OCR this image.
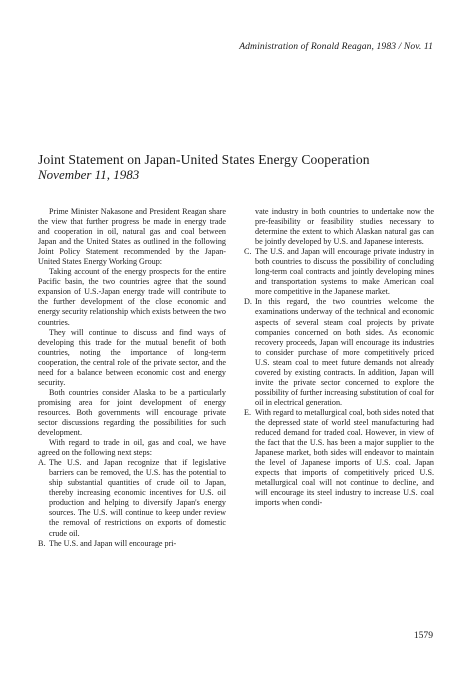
Administration of Ronald Reagan, 1983 / Nov. 11
Joint Statement on Japan-United States Energy Cooperation

November 11, 1983

Prime Minister Nakasone and President Reagan share the view that further progress be made in energy trade and cooperation in oil, natural gas and coal between Japan and the United States as outlined in the following Joint Policy Statement recommended by the Japan-United States Energy Working Group:

Taking account of the energy prospects for the entire Pacific basin, the two countries agree that the sound expansion of U.S.-Japan energy trade will contribute to the further development of the close economic and energy security relationship which exists between the two countries.

They will continue to discuss and find ways of developing this trade for the mutual benefit of both countries, noting the importance of long-term cooperation, the central role of the private sector, and the need for a balance between economic cost and energy security.

Both countries consider Alaska to be a particularly promising area for joint development of energy resources. Both governments will encourage private sector discussions regarding the possibilities for such development.

With regard to trade in oil, gas and coal, we have agreed on the following next steps:

A. The U.S. and Japan recognize that if legislative barriers can be removed, the U.S. has the potential to ship substantial quantities of crude oil to Japan, thereby increasing economic incentives for U.S. oil production and helping to diversify Japan's energy sources. The U.S. will continue to keep under review the removal of restrictions on exports of domestic crude oil.
B. The U.S. and Japan will encourage pri-

vate industry in both countries to undertake now the pre-feasibility or feasibility studies necessary to determine the extent to which Alaskan natural gas can be jointly developed by U.S. and Japanese interests.

C. The U.S. and Japan will encourage private industry in both countries to discuss the possibility of concluding long-term coal contracts and jointly developing mines and transportation systems to make American coal more competitive in the Japanese market.
D. In this regard, the two countries welcome the examinations underway of the technical and economic aspects of several steam coal projects by private companies concerned on both sides. As economic recovery proceeds, Japan will encourage its industries to consider purchase of more competitively priced U.S. steam coal to meet future demands not already covered by existing contracts. In addition, Japan will invite the private sector concerned to explore the possibility of further increasing substitution of coal for oil in electrical generation.
E. With regard to metallurgical coal, both sides noted that the depressed state of world steel manufacturing had reduced demand for traded coal. However, in view of the fact that the U.S. has been a major supplier to the Japanese market, both sides will endeavor to maintain the level of Japanese imports of U.S. coal. Japan expects that imports of competitively priced U.S. metallurgical coal will not continue to decline, and will encourage its steel industry to increase U.S. coal imports when condi-
1579
